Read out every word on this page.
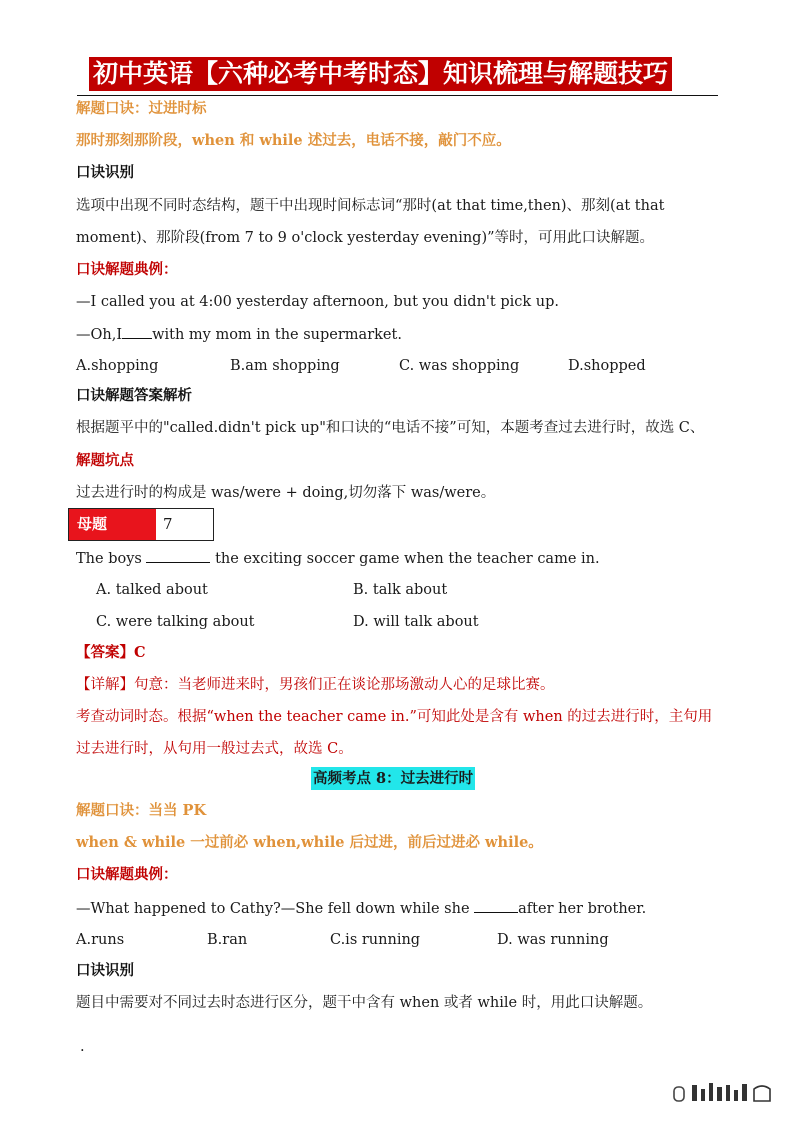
初中英语【六种必考中考时态】知识梳理与解题技巧
解题口诀：过进时标
那时那刻那阶段，when 和 while 述过去，电话不接，敲门不应。
口诀识别
选项中出现不同时态结构，题干中出现时间标志词“那时(at that time,then)、那刻(at that
moment)、那阶段(from 7 to 9 o'clock yesterday evening)”等时，可用此口诀解题。
口诀解题典例：
—I called you at 4:00 yesterday afternoon, but you didn't pick up.
—Oh,I with my mom in the supermarket.
A.shopping	B.am shopping	C. was shopping	D.shopped
口诀解题答案解析
根据题平中的"called.didn't pick up"和口诀的“电话不接”可知，本题考查过去进行时，故选 C、
解题坑点
过去进行时的构成是 was/were + doing,切勿落下 was/were。
母题	7
The boys	the exciting soccer game when the teacher came in.
A. talked about	B. talk about
C. were talking about	D. will talk about
【答案】C
【详解】句意：当老师进来时，男孩们正在谈论那场激动人心的足球比赛。
考查动词时态。根据“when the teacher came in.”可知此处是含有 when 的过去进行时，主句用
过去进行时，从句用一般过去式，故选 C。
高频考点 8：过去进行时
解题口诀：当当 PK
when & while 一过前必 when,while 后过进，前后过进必 while。
口诀解题典例：
—What happened to Cathy?—She fell down while she	after her brother.
A.runs	B.ran	C.is running	D. was running
口诀识别
题目中需要对不同过去时态进行区分，题干中含有 when 或者 while 时，用此口诀解题。
.
